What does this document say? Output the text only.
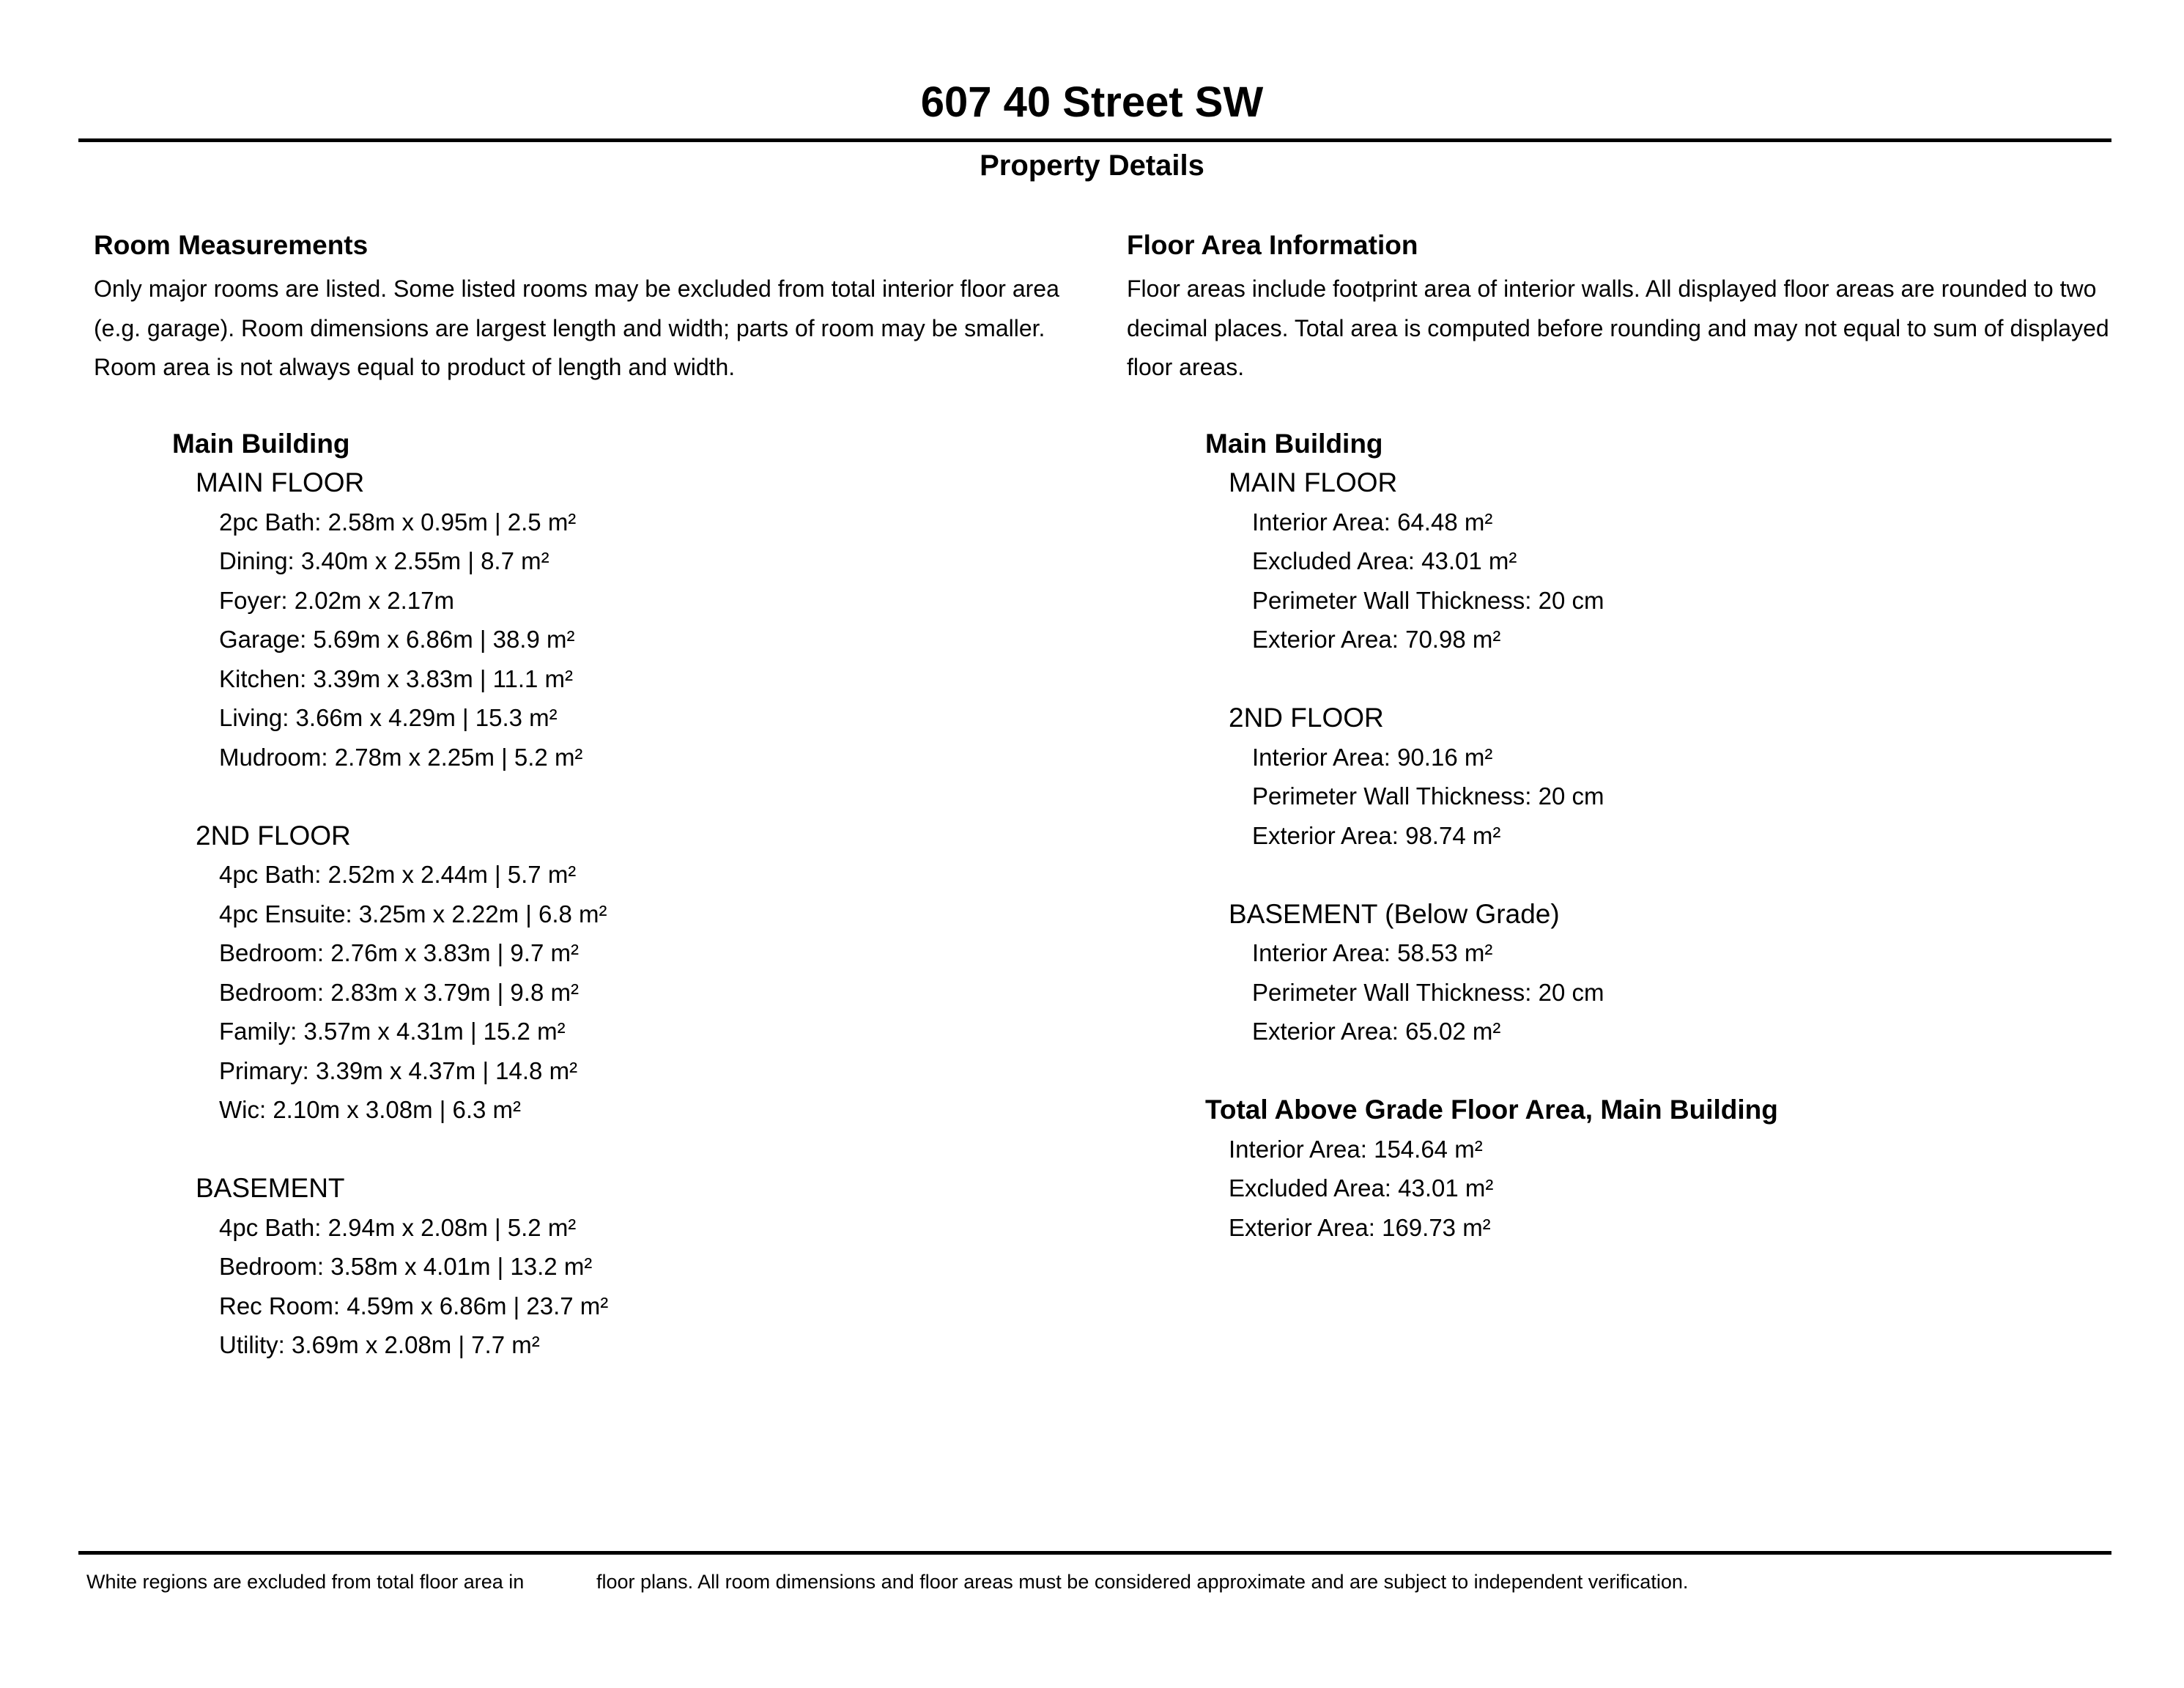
607 40 Street SW
Property Details
Room Measurements
Only major rooms are listed. Some listed rooms may be excluded from total interior floor area (e.g. garage). Room dimensions are largest length and width; parts of room may be smaller. Room area is not always equal to product of length and width.
Main Building
MAIN FLOOR
2pc Bath: 2.58m x 0.95m | 2.5 m²
Dining: 3.40m x 2.55m | 8.7 m²
Foyer: 2.02m x 2.17m
Garage: 5.69m x 6.86m | 38.9 m²
Kitchen: 3.39m x 3.83m | 11.1 m²
Living: 3.66m x 4.29m | 15.3 m²
Mudroom: 2.78m x 2.25m | 5.2 m²
2ND FLOOR
4pc Bath: 2.52m x 2.44m | 5.7 m²
4pc Ensuite: 3.25m x 2.22m | 6.8 m²
Bedroom: 2.76m x 3.83m | 9.7 m²
Bedroom: 2.83m x 3.79m | 9.8 m²
Family: 3.57m x 4.31m | 15.2 m²
Primary: 3.39m x 4.37m | 14.8 m²
Wic: 2.10m x 3.08m | 6.3 m²
BASEMENT
4pc Bath: 2.94m x 2.08m | 5.2 m²
Bedroom: 3.58m x 4.01m | 13.2 m²
Rec Room: 4.59m x 6.86m | 23.7 m²
Utility: 3.69m x 2.08m | 7.7 m²
Floor Area Information
Floor areas include footprint area of interior walls. All displayed floor areas are rounded to two decimal places. Total area is computed before rounding and may not equal to sum of displayed floor areas.
Main Building
MAIN FLOOR
Interior Area: 64.48 m²
Excluded Area: 43.01 m²
Perimeter Wall Thickness: 20 cm
Exterior Area: 70.98 m²
2ND FLOOR
Interior Area: 90.16 m²
Perimeter Wall Thickness: 20 cm
Exterior Area: 98.74 m²
BASEMENT (Below Grade)
Interior Area: 58.53 m²
Perimeter Wall Thickness: 20 cm
Exterior Area: 65.02 m²
Total Above Grade Floor Area, Main Building
Interior Area: 154.64 m²
Excluded Area: 43.01 m²
Exterior Area: 169.73 m²
White regions are excluded from total floor area in	floor plans. All room dimensions and floor areas must be considered approximate and are subject to independent verification.
